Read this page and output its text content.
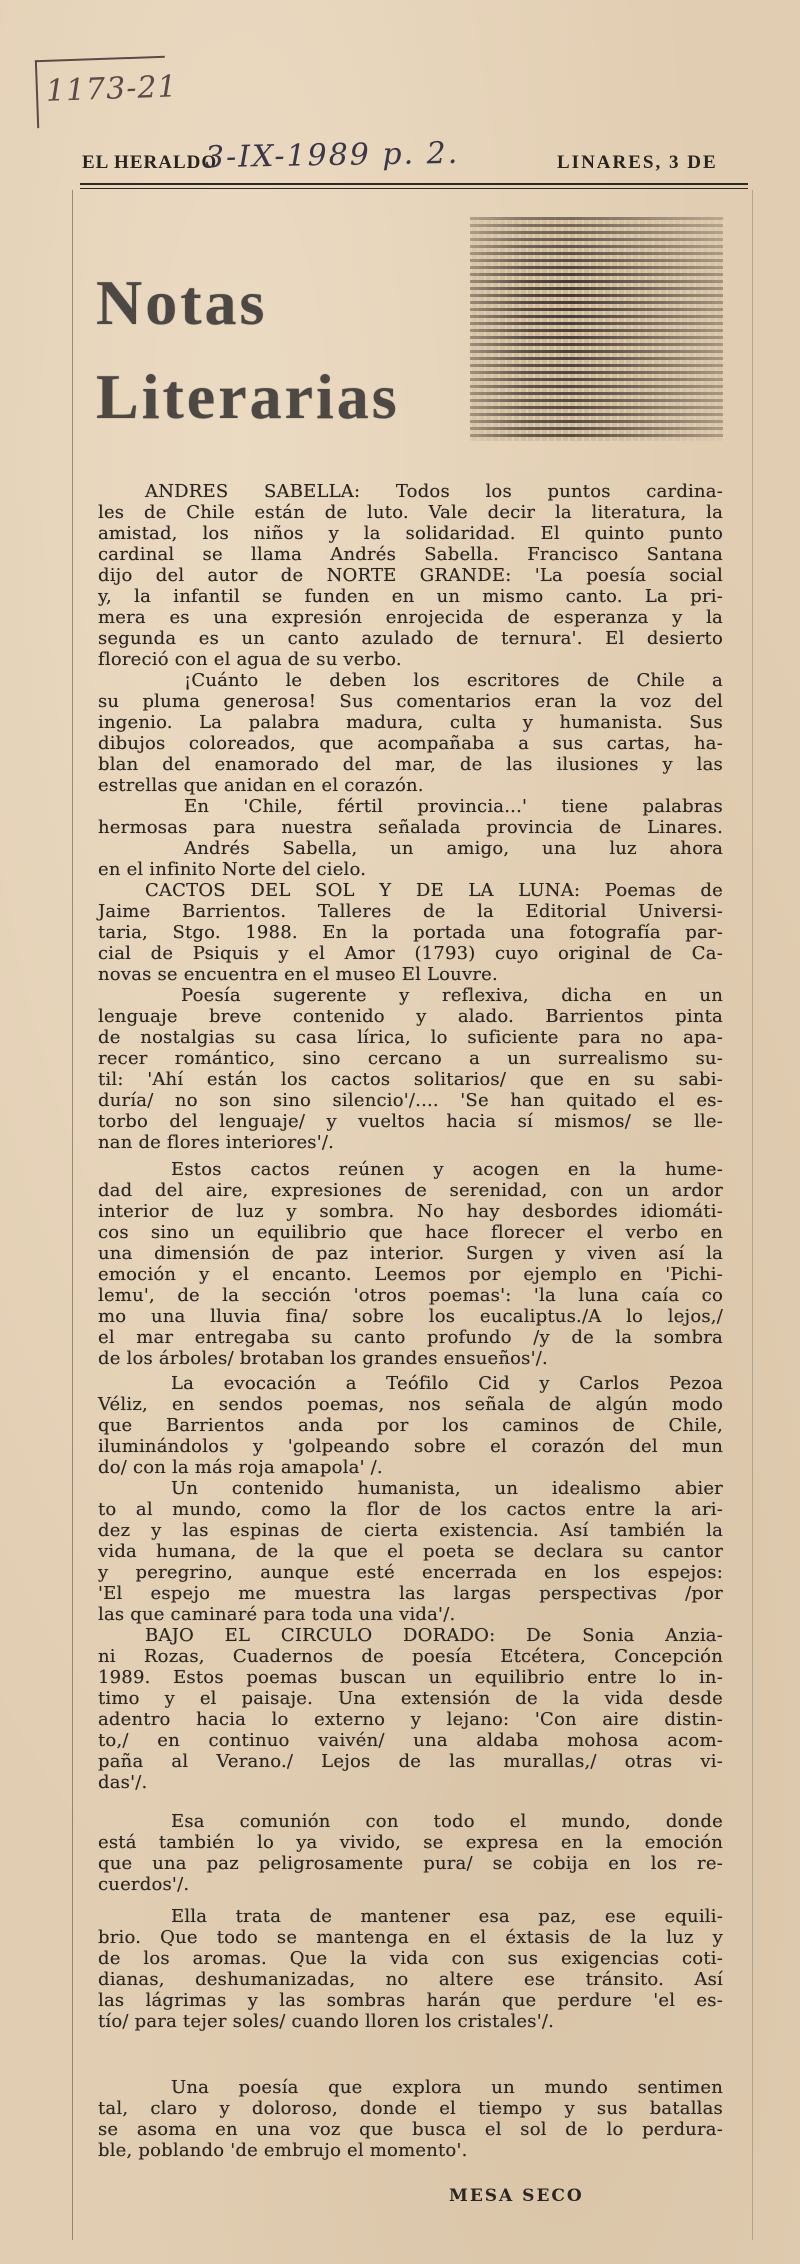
1173-21
EL HERALDO
3-IX-1989 p. 2.	LINARES, 3 DE
Notas
Literarias
ANDRES SABELLA: Todos los puntos cardina-
les de Chile están de luto. Vale decir la literatura, la
amistad, los niños y la solidaridad. El quinto punto
cardinal se llama Andrés Sabella. Francisco Santana
dijo del autor de NORTE GRANDE: 'La poesía social
y, la infantil se funden en un mismo canto. La pri-
mera es una expresión enrojecida de esperanza y la
segunda es un canto azulado de ternura'. El desierto
floreció con el agua de su verbo.
¡Cuánto le deben los escritores de Chile a
su pluma generosa! Sus comentarios eran la voz del
ingenio. La palabra madura, culta y humanista. Sus
dibujos coloreados, que acompañaba a sus cartas, ha-
blan del enamorado del mar, de las ilusiones y las
estrellas que anidan en el corazón.
En 'Chile, fértil provincia...' tiene palabras
hermosas para nuestra señalada provincia de Linares.
Andrés Sabella, un amigo, una luz ahora
en el infinito Norte del cielo.
CACTOS DEL SOL Y DE LA LUNA: Poemas de
Jaime Barrientos. Talleres de la Editorial Universi-
taria, Stgo. 1988. En la portada una fotografía par-
cial de Psiquis y el Amor (1793) cuyo original de Ca-
novas se encuentra en el museo El Louvre.
Poesía sugerente y reflexiva, dicha en un
lenguaje breve contenido y alado. Barrientos pinta
de nostalgias su casa lírica, lo suficiente para no apa-
recer romántico, sino cercano a un surrealismo su-
til: 'Ahí están los cactos solitarios/ que en su sabi-
duría/ no son sino silencio'/.... 'Se han quitado el es-
torbo del lenguaje/ y vueltos hacia sí mismos/ se lle-
nan de flores interiores'/.
Estos cactos reúnen y acogen en la hume-
dad del aire, expresiones de serenidad, con un ardor
interior de luz y sombra. No hay desbordes idiomáti-
cos sino un equilibrio que hace florecer el verbo en
una dimensión de paz interior. Surgen y viven así la
emoción y el encanto. Leemos por ejemplo en 'Pichi-
lemu', de la sección 'otros poemas': 'la luna caía co
mo una lluvia fina/ sobre los eucaliptus./A lo lejos,/
el mar entregaba su canto profundo /y de la sombra
de los árboles/ brotaban los grandes ensueños'/.
La evocación a Teófilo Cid y Carlos Pezoa
Véliz, en sendos poemas, nos señala de algún modo
que Barrientos anda por los caminos de Chile,
iluminándolos y 'golpeando sobre el corazón del mun
do/ con la más roja amapola' /.
Un contenido humanista, un idealismo abier
to al mundo, como la flor de los cactos entre la ari-
dez y las espinas de cierta existencia. Así también la
vida humana, de la que el poeta se declara su cantor
y peregrino, aunque esté encerrada en los espejos:
'El espejo me muestra las largas perspectivas /por
las que caminaré para toda una vida'/.
BAJO EL CIRCULO DORADO: De Sonia Anzia-
ni Rozas, Cuadernos de poesía Etcétera, Concepción
1989. Estos poemas buscan un equilibrio entre lo in-
timo y el paisaje. Una extensión de la vida desde
adentro hacia lo externo y lejano: 'Con aire distin-
to,/ en continuo vaivén/ una aldaba mohosa acom-
paña al Verano./ Lejos de las murallas,/ otras vi-
das'/.
Esa comunión con todo el mundo, donde
está también lo ya vivido, se expresa en la emoción
que una paz peligrosamente pura/ se cobija en los re-
cuerdos'/.
Ella trata de mantener esa paz, ese equili-
brio. Que todo se mantenga en el éxtasis de la luz y
de los aromas. Que la vida con sus exigencias coti-
dianas, deshumanizadas, no altere ese tránsito. Así
las lágrimas y las sombras harán que perdure 'el es-
tío/ para tejer soles/ cuando lloren los cristales'/.
Una poesía que explora un mundo sentimen
tal, claro y doloroso, donde el tiempo y sus batallas
se asoma en una voz que busca el sol de lo perdura-
ble, poblando 'de embrujo el momento'.
MESA SECO
